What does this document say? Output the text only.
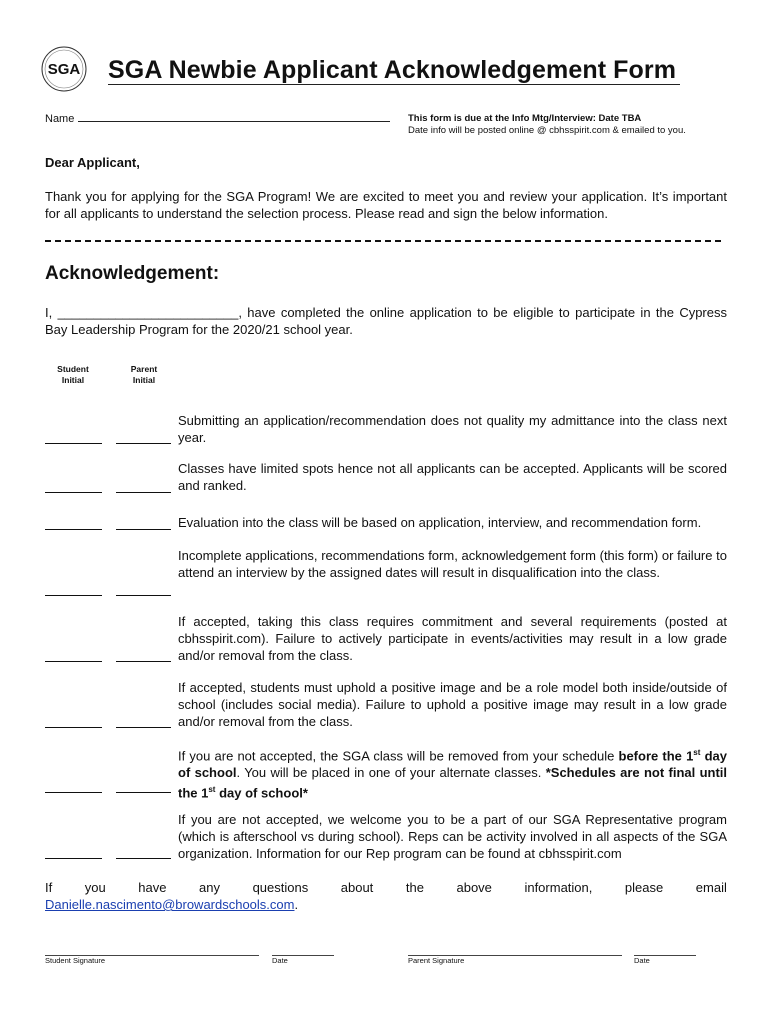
SGA SGA Newbie Applicant Acknowledgement Form
Name	This form is due at the Info Mtg/Interview: Date TBA
Date info will be posted online @ cbhsspirit.com & emailed to you.
Dear Applicant,
Thank you for applying for the SGA Program! We are excited to meet you and review your application. It’s important for all applicants to understand the selection process. Please read and sign the below information.
Acknowledgement:
I, _________________________, have completed the online application to be eligible to participate in the Cypress Bay Leadership Program for the 2020/21 school year.
Student
Initial
Parent
Initial
Submitting an application/recommendation does not quality my admittance into the class next year.
Classes have limited spots hence not all applicants can be accepted. Applicants will be scored and ranked.
Evaluation into the class will be based on application, interview, and recommendation form.
Incomplete applications, recommendations form, acknowledgement form (this form) or failure to attend an interview by the assigned dates will result in disqualification into the class.
If accepted, taking this class requires commitment and several requirements (posted at cbhsspirit.com). Failure to actively participate in events/activities may result in a low grade and/or removal from the class.
If accepted, students must uphold a positive image and be a role model both inside/outside of school (includes social media). Failure to uphold a positive image may result in a low grade and/or removal from the class.
If you are not accepted, the SGA class will be removed from your schedule before the 1st day of school. You will be placed in one of your alternate classes. *Schedules are not final until the 1st day of school*
If you are not accepted, we welcome you to be a part of our SGA Representative program (which is afterschool vs during school). Reps can be activity involved in all aspects of the SGA organization. Information for our Rep program can be found at cbhsspirit.com
If	you	have	any	questions	about	the	above	information,	please	email
Danielle.nascimento@browardschools.com.
Student Signature	Date	Parent Signature	Date
